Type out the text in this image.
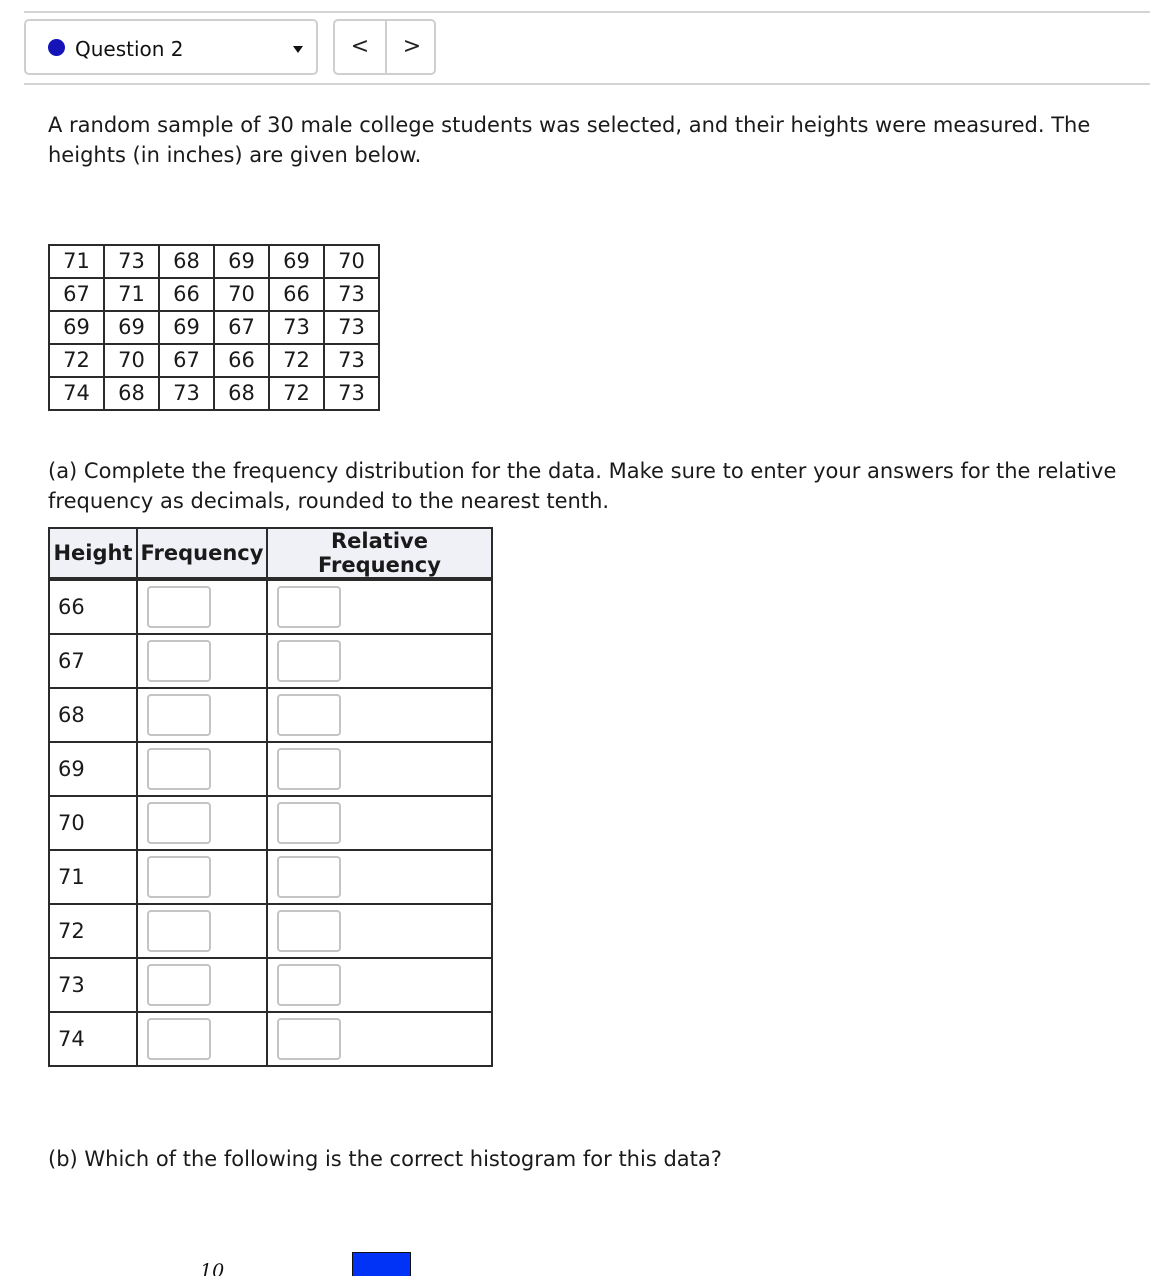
Question 2	<	>
A random sample of 30 male college students was selected, and their heights were measured. The heights (in inches) are given below.
71	73	68	69	69	70
67	71	66	70	66	73
69	69	69	67	73	73
72	70	67	66	72	73
74	68	73	68	72	73
(a) Complete the frequency distribution for the data. Make sure to enter your answers for the relative frequency as decimals, rounded to the nearest tenth.
Height	Frequency	Relative Frequency
66	

67	

68	

69	

70	

71	

72	

73	

74	

(b) Which of the following is the correct histogram for this data?
10
